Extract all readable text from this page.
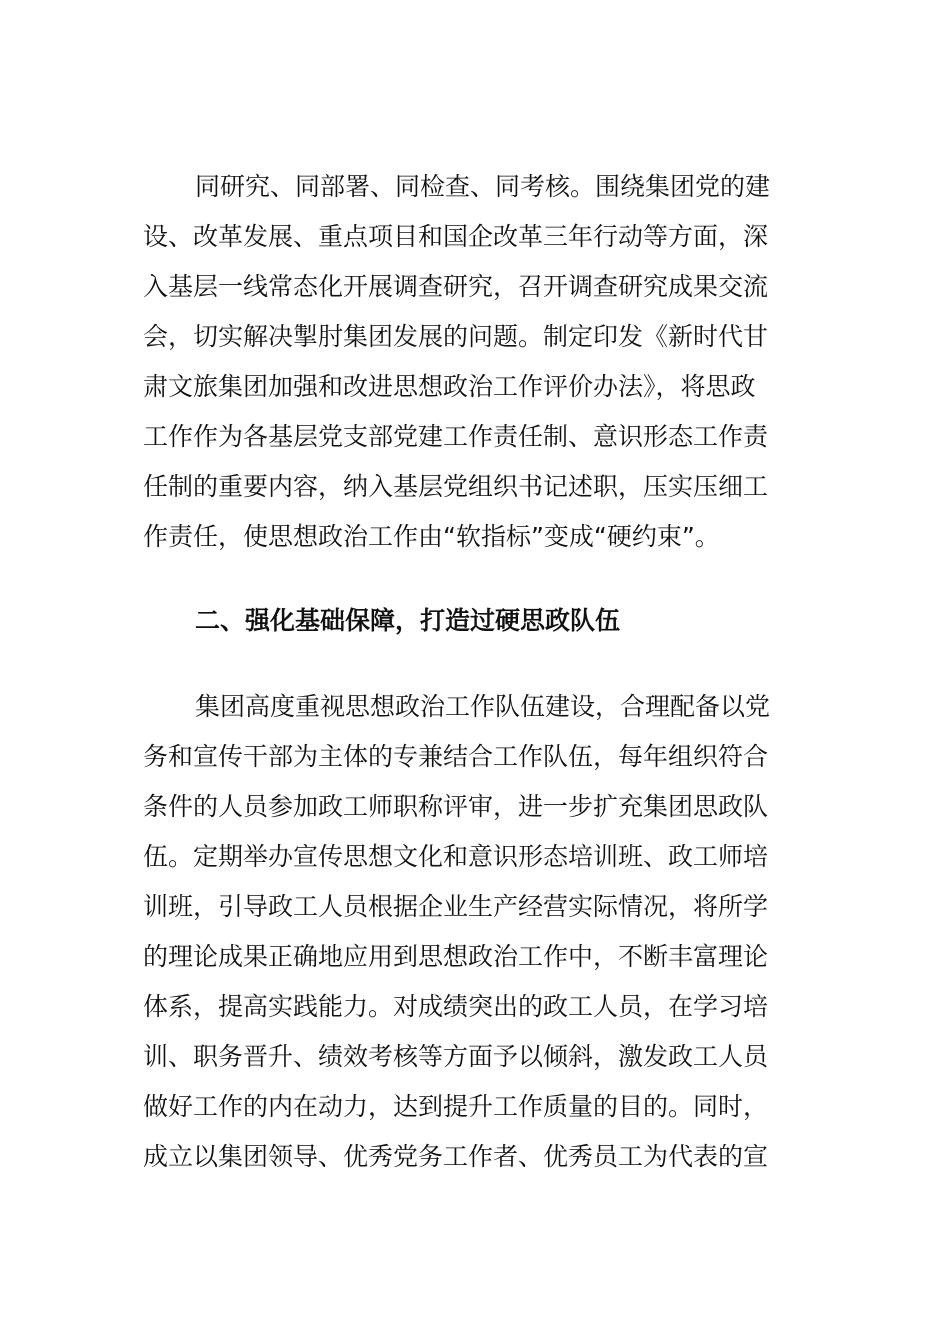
同研究、同部署、同检查、同考核。围绕集团党的建
设、改革发展、重点项目和国企改革三年行动等方面，深
入基层一线常态化开展调查研究，召开调查研究成果交流
会，切实解决掣肘集团发展的问题。制定印发《新时代甘
肃文旅集团加强和改进思想政治工作评价办法》，将思政
工作作为各基层党支部党建工作责任制、意识形态工作责
任制的重要内容，纳入基层党组织书记述职，压实压细工
作责任，使思想政治工作由“软指标”变成“硬约束”。
二、强化基础保障，打造过硬思政队伍
集团高度重视思想政治工作队伍建设，合理配备以党
务和宣传干部为主体的专兼结合工作队伍，每年组织符合
条件的人员参加政工师职称评审，进一步扩充集团思政队
伍。定期举办宣传思想文化和意识形态培训班、政工师培
训班，引导政工人员根据企业生产经营实际情况，将所学
的理论成果正确地应用到思想政治工作中，不断丰富理论
体系，提高实践能力。对成绩突出的政工人员，在学习培
训、职务晋升、绩效考核等方面予以倾斜，激发政工人员
做好工作的内在动力，达到提升工作质量的目的。同时，
成立以集团领导、优秀党务工作者、优秀员工为代表的宣
